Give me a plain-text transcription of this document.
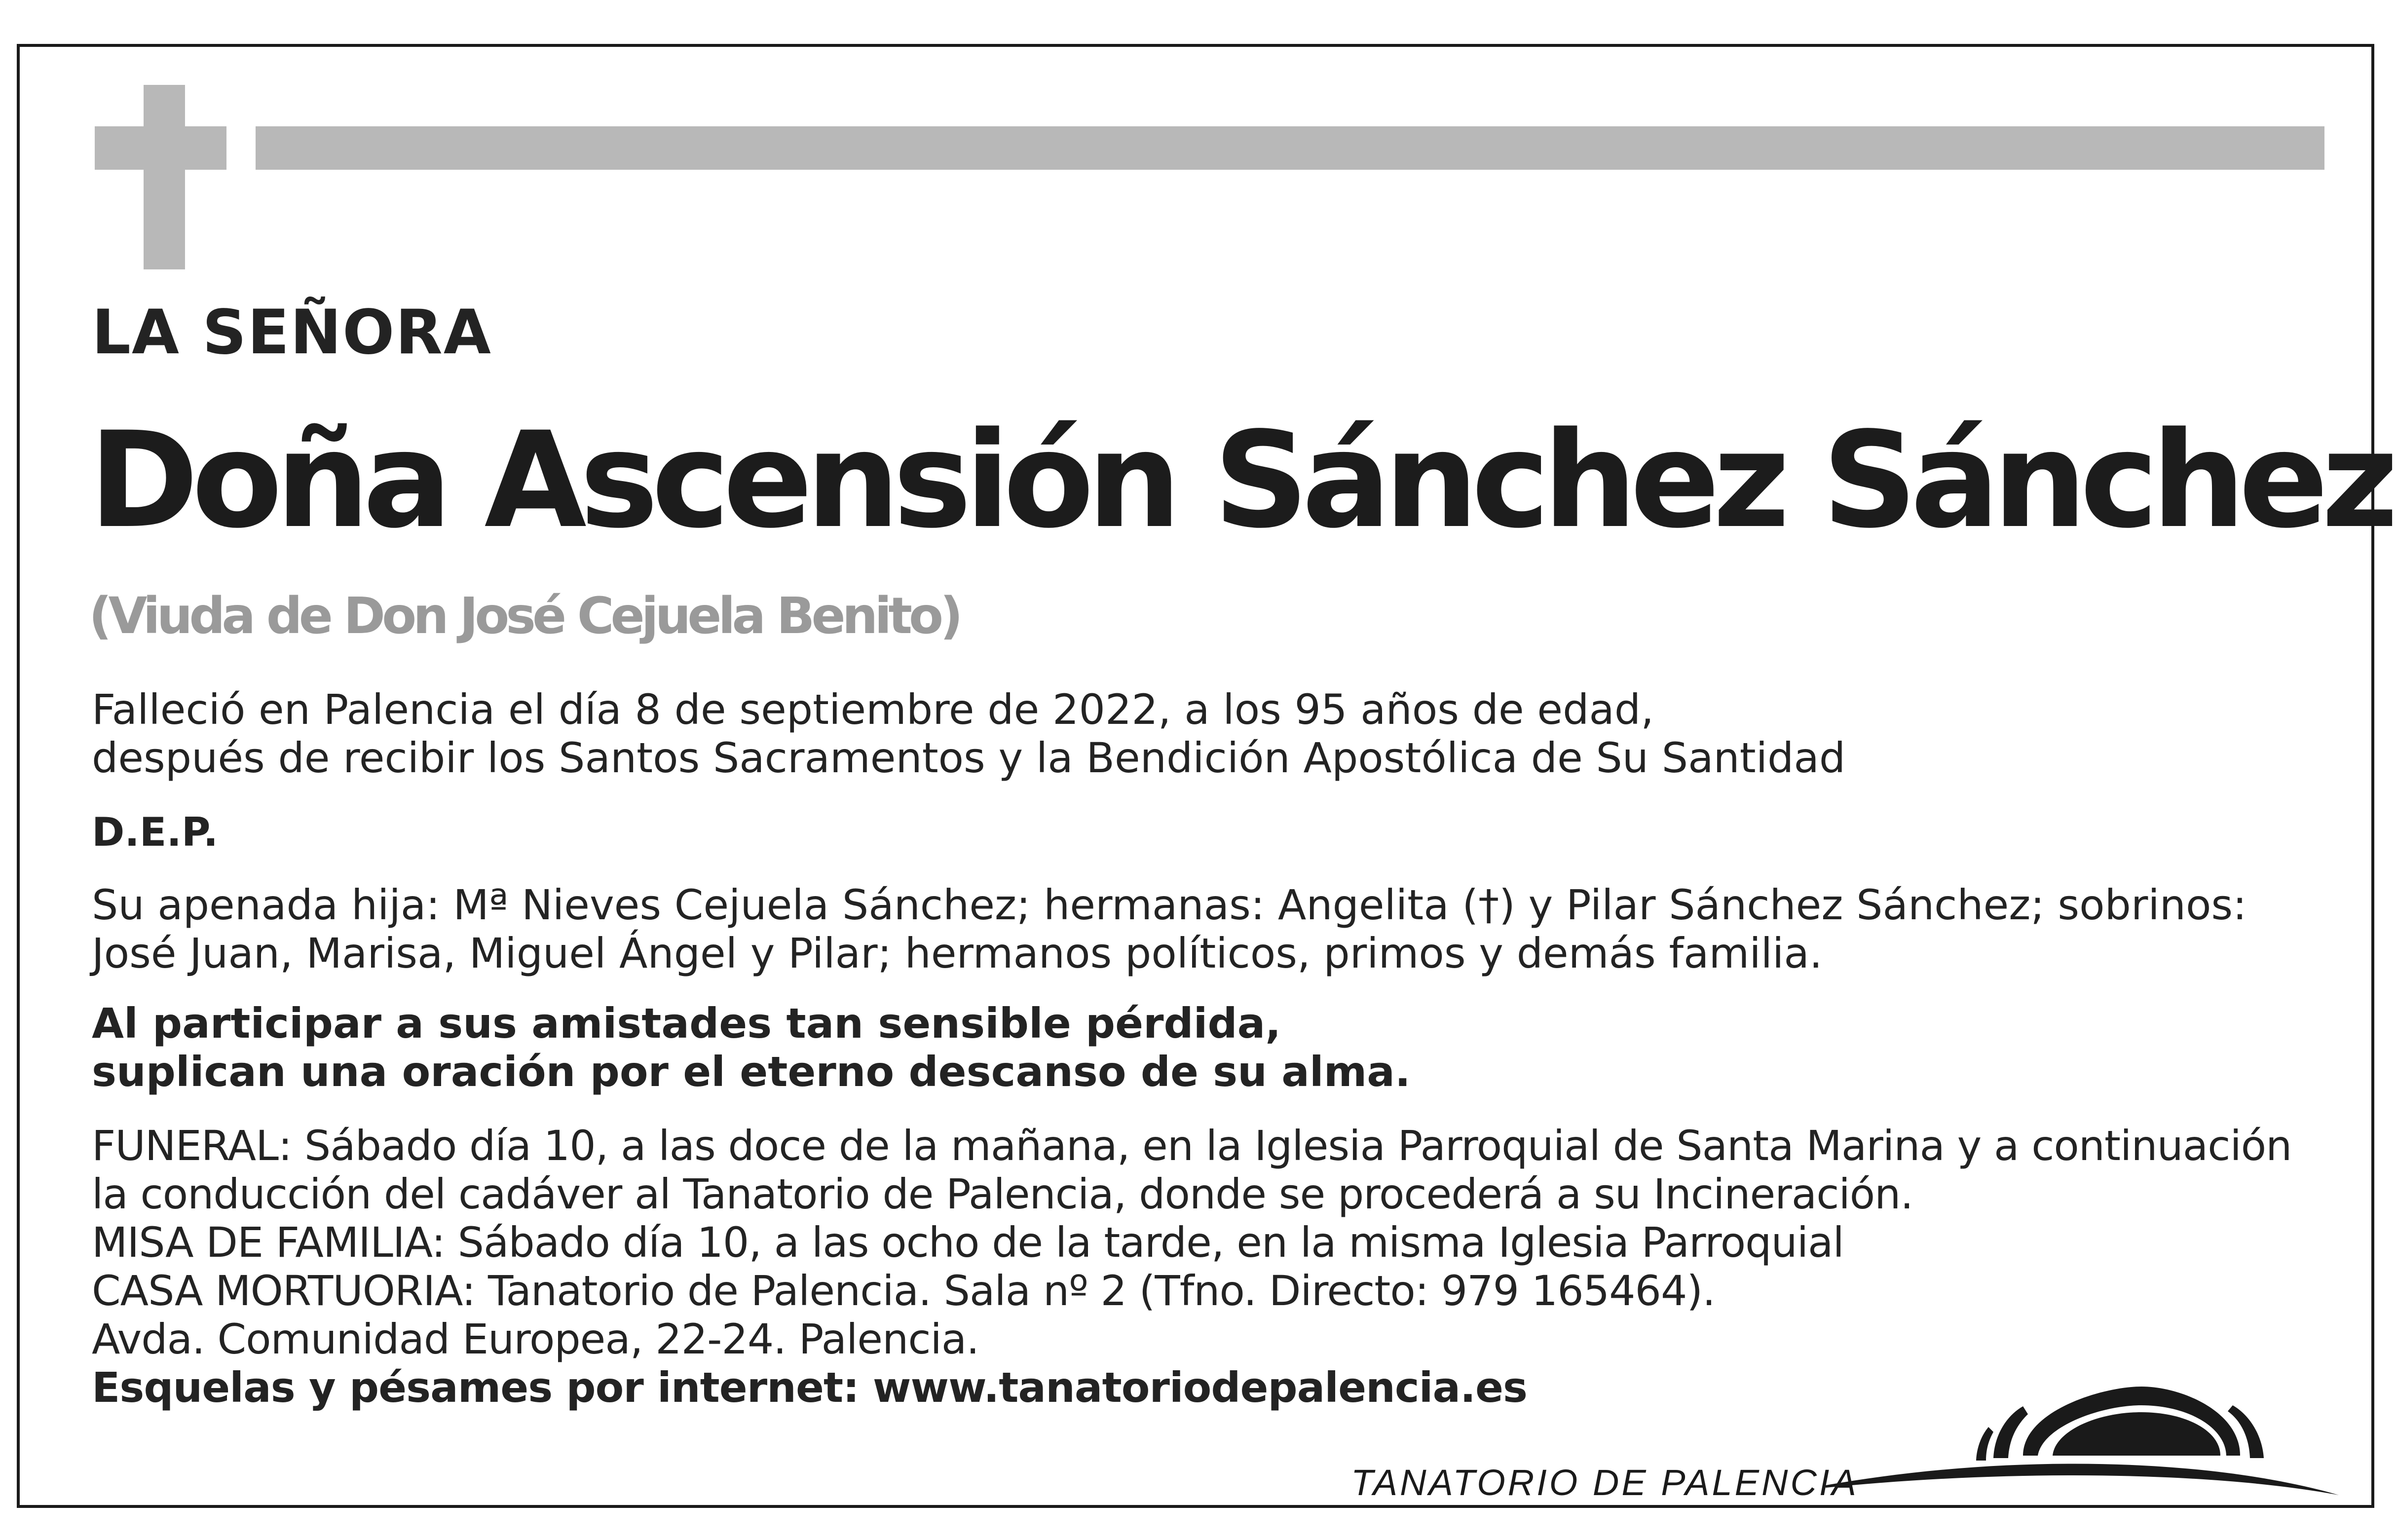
LA SEÑORA
Doña Ascensión Sánchez Sánchez
(Viuda de Don José Cejuela Benito)
Falleció en Palencia el día 8 de septiembre de 2022, a los 95 años de edad,
después de recibir los Santos Sacramentos y la Bendición Apostólica de Su Santidad
D.E.P.
Su apenada hija: Mª Nieves Cejuela Sánchez; hermanas: Angelita (†) y Pilar Sánchez Sánchez; sobrinos:
José Juan, Marisa, Miguel Ángel y Pilar; hermanos políticos, primos y demás familia.
Al participar a sus amistades tan sensible pérdida,
suplican una oración por el eterno descanso de su alma.
FUNERAL: Sábado día 10, a las doce de la mañana, en la Iglesia Parroquial de Santa Marina y a continuación
la conducción del cadáver al Tanatorio de Palencia, donde se procederá a su Incineración.
MISA DE FAMILIA: Sábado día 10, a las ocho de la tarde, en la misma Iglesia Parroquial
CASA MORTUORIA: Tanatorio de Palencia. Sala nº 2 (Tfno. Directo: 979 165464).
Avda. Comunidad Europea, 22-24. Palencia.
Esquelas y pésames por internet: www.tanatoriodepalencia.es
TANATORIO DE PALENCIA
